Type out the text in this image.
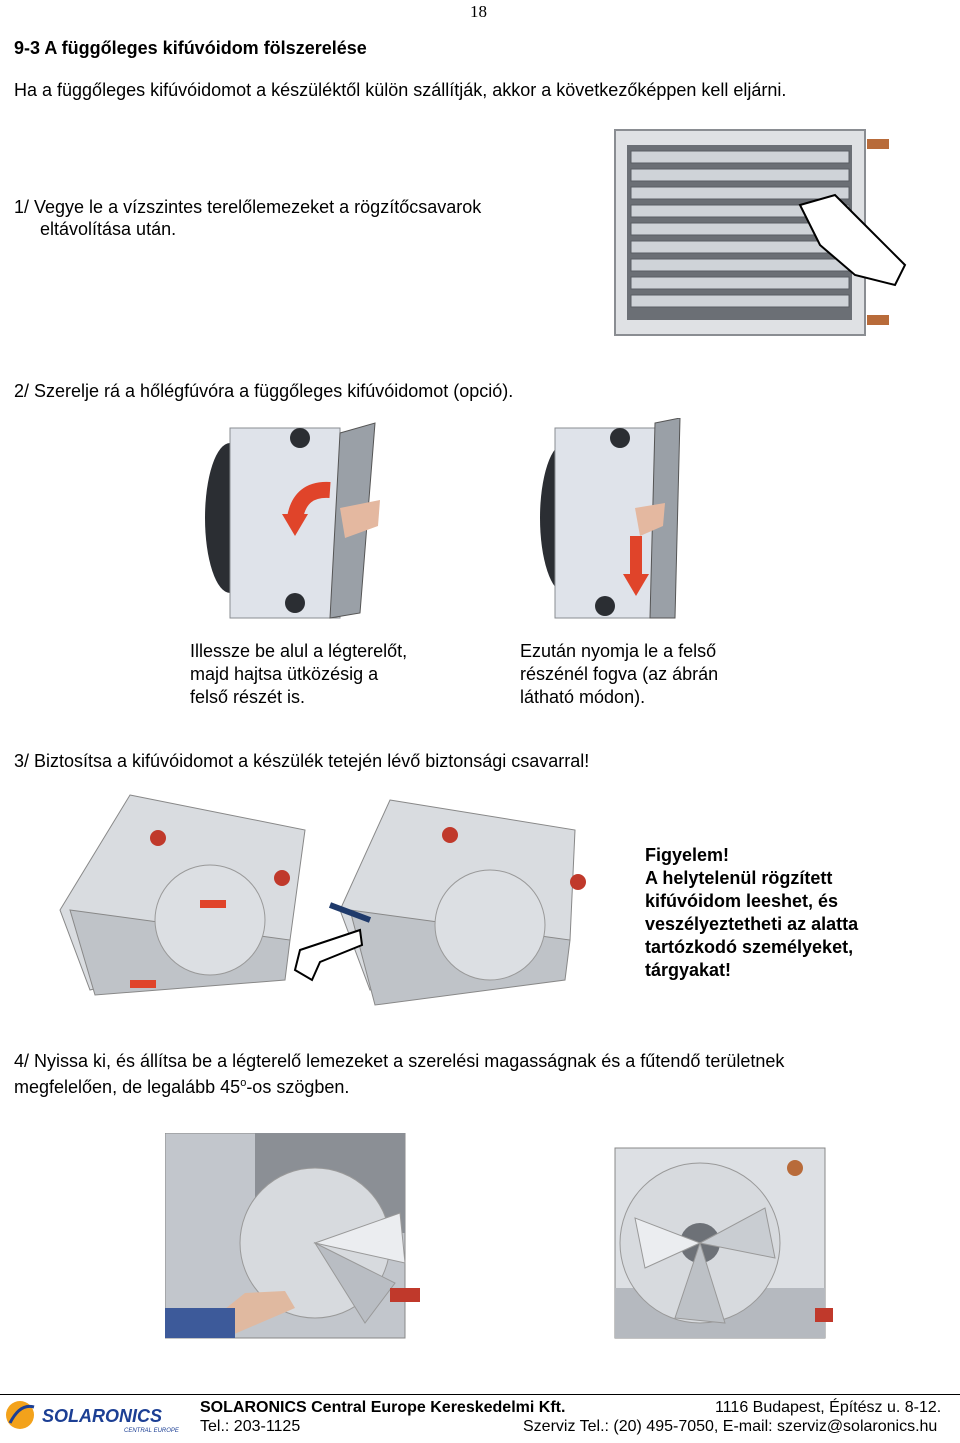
18
9-3 A függőleges kifúvóidom fölszerelése
Ha a függőleges kifúvóidomot a készüléktől külön szállítják, akkor a következőképpen kell eljárni.
1/ Vegye le a vízszintes terelőlemezeket a rögzítőcsavarok
eltávolítása után.
2/ Szerelje rá a hőlégfúvóra a függőleges kifúvóidomot (opció).
Illessze be alul a légterelőt,
majd hajtsa ütközésig a
felső részét is.
Ezután nyomja le a felső
részénél fogva (az ábrán
látható módon).
3/ Biztosítsa a kifúvóidomot a készülék tetején lévő biztonsági csavarral!
Figyelem!
A helytelenül rögzített
kifúvóidom leeshet, és
veszélyeztetheti az alatta
tartózkodó személyeket,
tárgyakat!
4/ Nyissa ki, és állítsa be a légterelő lemezeket a szerelési magasságnak és a fűtendő területnek
megfelelően, de legalább 45$^o$-os szögben.
SOLARONICS
CENTRAL EUROPE
SOLARONICS Central Europe Kereskedelmi Kft.	1116 Budapest, Építész u. 8-12.
Tel.: 203-1125	Szerviz Tel.: (20) 495-7050, E-mail: szerviz@solaronics.hu
